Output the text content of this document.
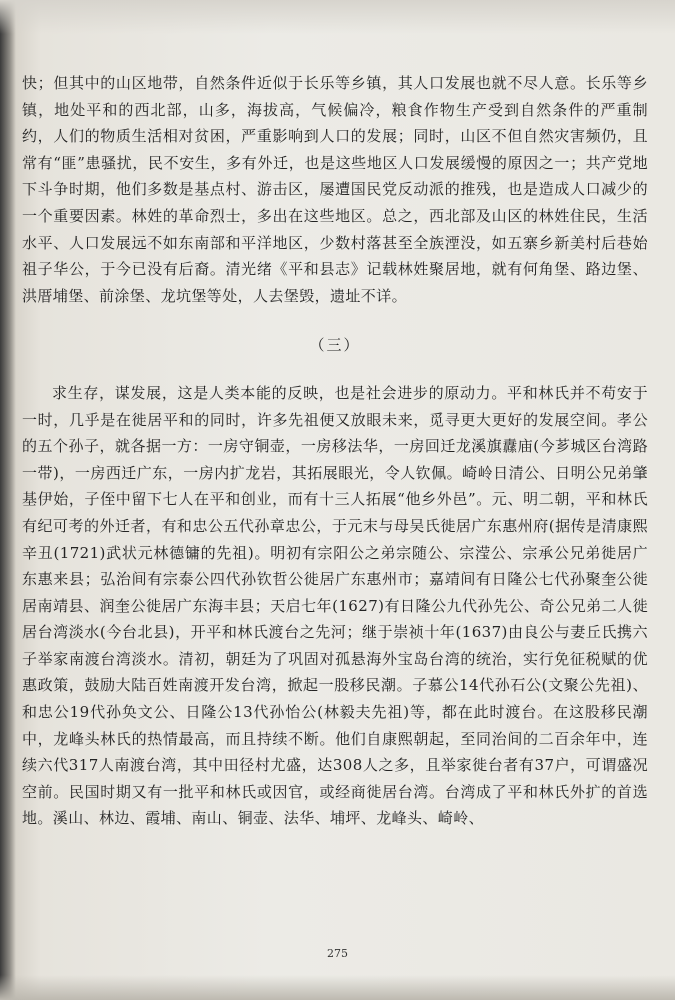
快；但其中的山区地带，自然条件近似于长乐等乡镇，其人口发展也就不尽人意。长乐等乡镇，地处平和的西北部，山多，海拔高，气候偏冷，粮食作物生产受到自然条件的严重制约，人们的物质生活相对贫困，严重影响到人口的发展；同时，山区不但自然灾害频仍，且常有“匪”患骚扰，民不安生，多有外迁，也是这些地区人口发展缓慢的原因之一；共产党地下斗争时期，他们多数是基点村、游击区，屡遭国民党反动派的推残，也是造成人口减少的一个重要因素。林姓的革命烈士，多出在这些地区。总之，西北部及山区的林姓住民，生活水平、人口发展远不如东南部和平洋地区，少数村落甚至全族湮没，如五寨乡新美村后巷始祖子华公，于今已没有后裔。清光绪《平和县志》记载林姓聚居地，就有何角堡、路边堡、洪厝埔堡、前涂堡、龙坑堡等处，人去堡毁，遗址不详。

（三）

求生存，谋发展，这是人类本能的反映，也是社会进步的原动力。平和林氏并不苟安于一时，几乎是在徙居平和的同时，许多先祖便又放眼未来，觅寻更大更好的发展空间。孝公的五个孙子，就各据一方：一房守铜壶，一房移法华，一房回迁龙溪旗纛庙(今芗城区台湾路一带)，一房西迁广东，一房内扩龙岩，其拓展眼光，令人钦佩。崎岭日清公、日明公兄弟肇基伊始，子侄中留下七人在平和创业，而有十三人拓展“他乡外邑”。元、明二朝，平和林氏有纪可考的外迁者，有和忠公五代孙章忠公，于元末与母吴氏徙居广东惠州府(据传是清康熙辛丑(1721)武状元林德镛的先祖)。明初有宗阳公之弟宗随公、宗滢公、宗承公兄弟徙居广东惠来县；弘治间有宗泰公四代孙钦哲公徙居广东惠州市；嘉靖间有日隆公七代孙聚奎公徙居南靖县、润奎公徙居广东海丰县；天启七年(1627)有日隆公九代孙先公、奇公兄弟二人徙居台湾淡水(今台北县)，开平和林氏渡台之先河；继于崇祯十年(1637)由良公与妻丘氏携六子举家南渡台湾淡水。清初，朝廷为了巩固对孤悬海外宝岛台湾的统治，实行免征税赋的优惠政策，鼓励大陆百姓南渡开发台湾，掀起一股移民潮。子慕公14代孙石公(文聚公先祖)、和忠公19代孙奂文公、日隆公13代孙怡公(林毅夫先祖)等，都在此时渡台。在这股移民潮中，龙峰头林氏的热情最高，而且持续不断。他们自康熙朝起，至同治间的二百余年中，连续六代317人南渡台湾，其中田径村尤盛，达308人之多，且举家徙台者有37户，可谓盛况空前。民国时期又有一批平和林氏或因官，或经商徙居台湾。台湾成了平和林氏外扩的首选地。溪山、林边、霞埔、南山、铜壶、法华、埔坪、龙峰头、崎岭、

275
